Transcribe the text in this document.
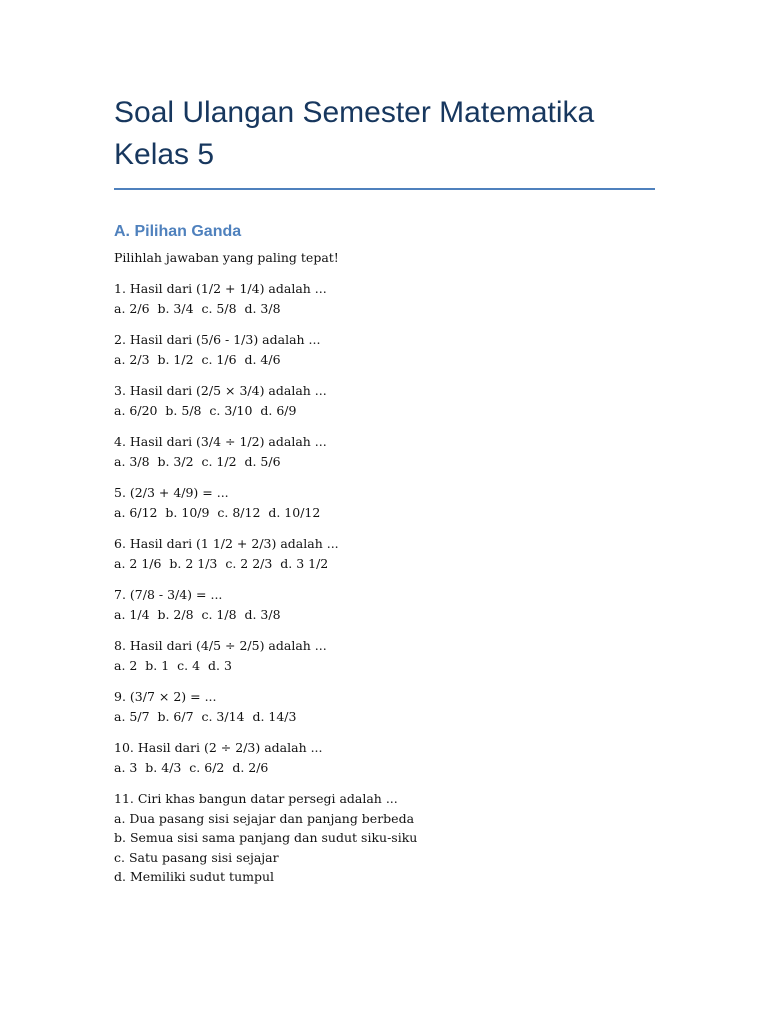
Soal Ulangan Semester Matematika
Kelas 5
A. Pilihan Ganda
Pilihlah jawaban yang paling tepat!
1. Hasil dari (1/2 + 1/4) adalah ...
a. 2/6  b. 3/4  c. 5/8  d. 3/8
2. Hasil dari (5/6 - 1/3) adalah ...
a. 2/3  b. 1/2  c. 1/6  d. 4/6
3. Hasil dari (2/5 × 3/4) adalah ...
a. 6/20  b. 5/8  c. 3/10  d. 6/9
4. Hasil dari (3/4 ÷ 1/2) adalah ...
a. 3/8  b. 3/2  c. 1/2  d. 5/6
5. (2/3 + 4/9) = ...
a. 6/12  b. 10/9  c. 8/12  d. 10/12
6. Hasil dari (1 1/2 + 2/3) adalah ...
a. 2 1/6  b. 2 1/3  c. 2 2/3  d. 3 1/2
7. (7/8 - 3/4) = ...
a. 1/4  b. 2/8  c. 1/8  d. 3/8
8. Hasil dari (4/5 ÷ 2/5) adalah ...
a. 2  b. 1  c. 4  d. 3
9. (3/7 × 2) = ...
a. 5/7  b. 6/7  c. 3/14  d. 14/3
10. Hasil dari (2 ÷ 2/3) adalah ...
a. 3  b. 4/3  c. 6/2  d. 2/6
11. Ciri khas bangun datar persegi adalah ...
a. Dua pasang sisi sejajar dan panjang berbeda
b. Semua sisi sama panjang dan sudut siku-siku
c. Satu pasang sisi sejajar
d. Memiliki sudut tumpul
